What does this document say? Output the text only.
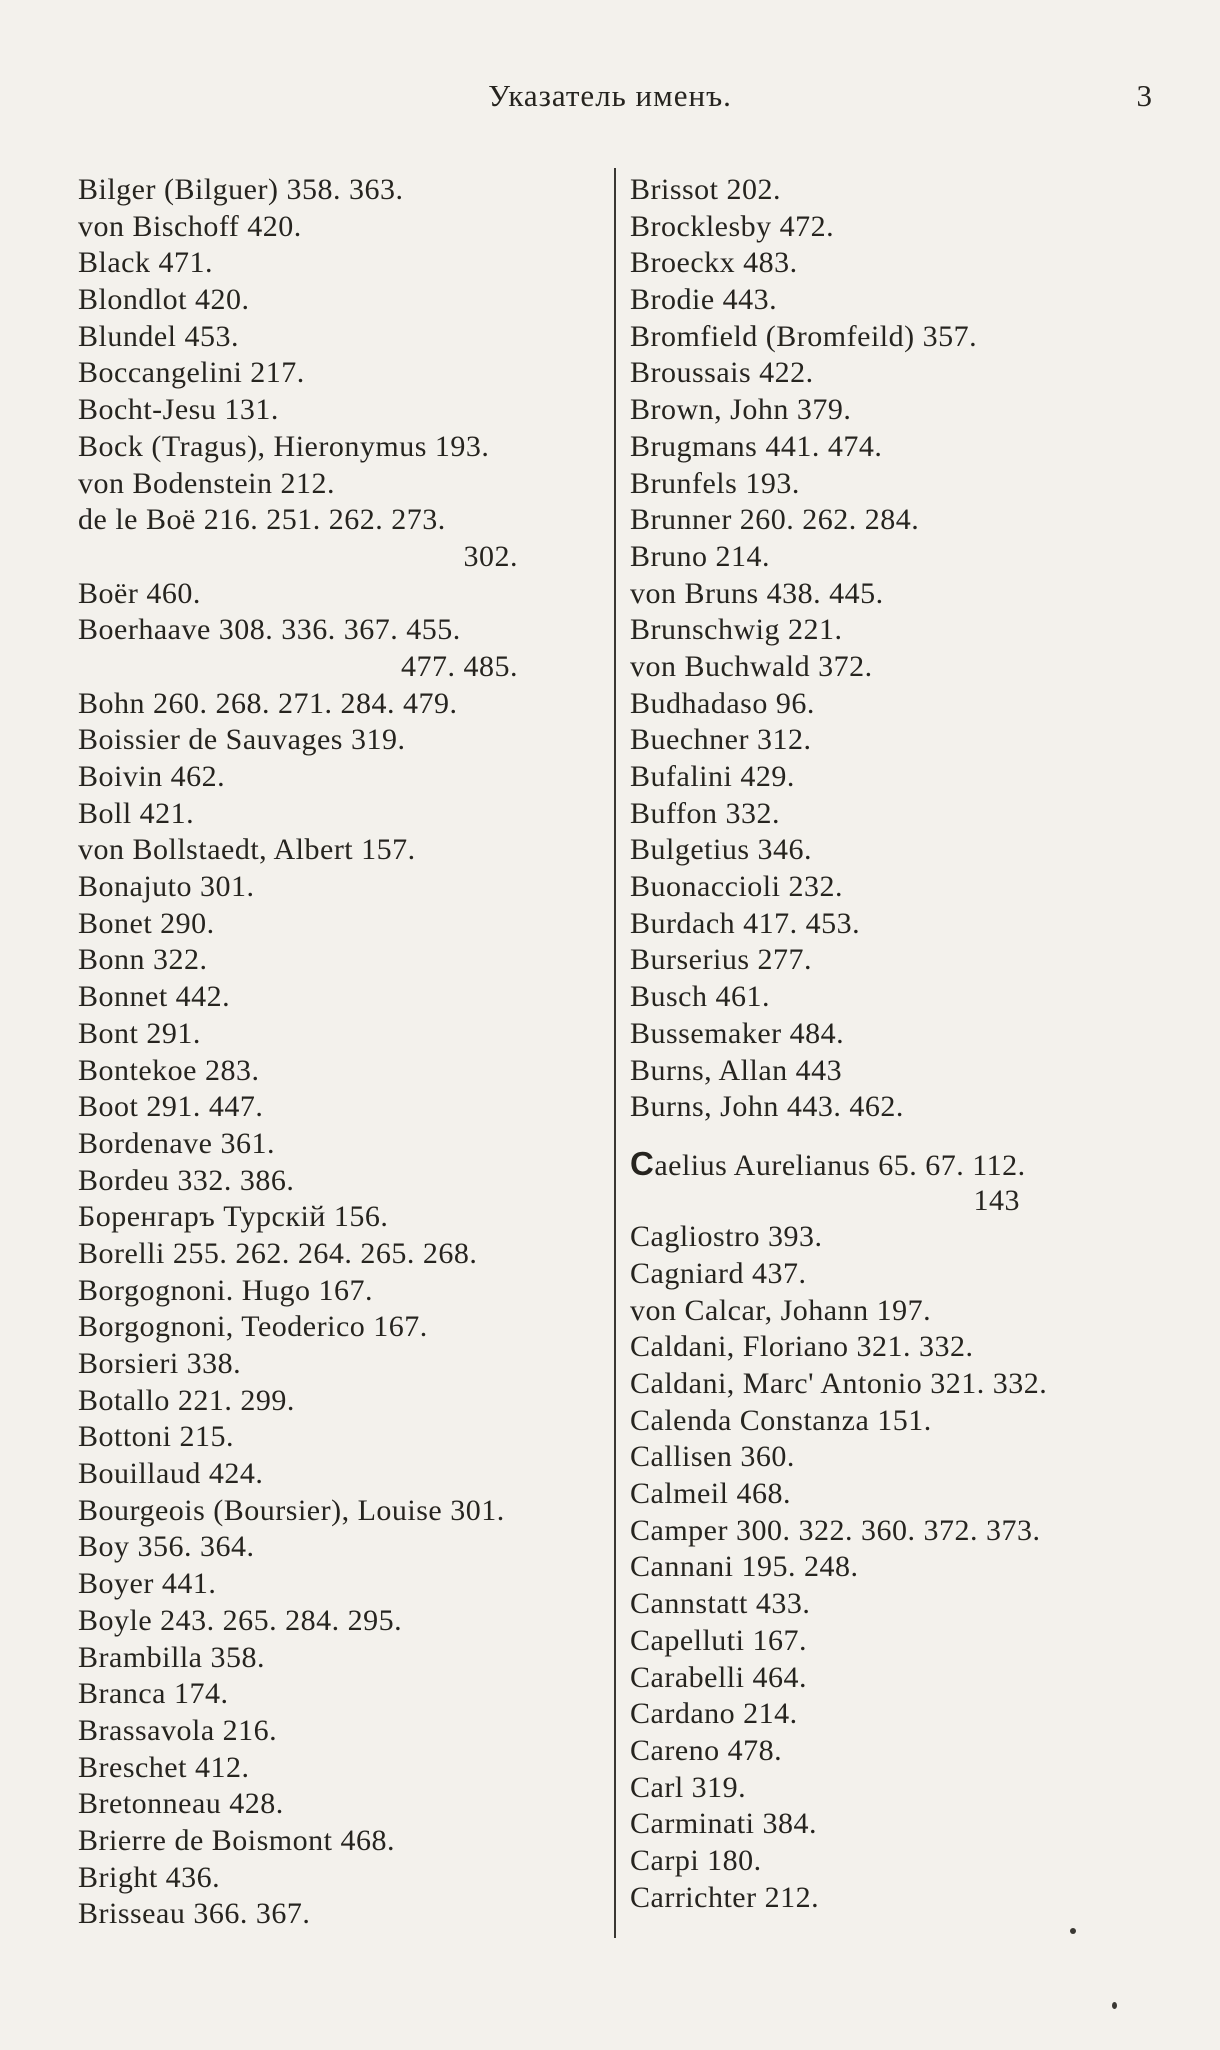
Указатель именъ.	3
Bilger (Bilguer) 358. 363.
von Bischoff 420.
Black 471.
Blondlot 420.
Blundel 453.
Boccangelini 217.
Bocht-Jesu 131.
Bock (Tragus), Hieronymus 193.
von Bodenstein 212.
de le Boë 216. 251. 262. 273.
302.
Boër 460.
Boerhaave 308. 336. 367. 455.
477. 485.
Bohn 260. 268. 271. 284. 479.
Boissier de Sauvages 319.
Boivin 462.
Boll 421.
von Bollstaedt, Albert 157.
Bonajuto 301.
Bonet 290.
Bonn 322.
Bonnet 442.
Bont 291.
Bontekoe 283.
Boot 291. 447.
Bordenave 361.
Bordeu 332. 386.
Боренгаръ Турскiй 156.
Borelli 255. 262. 264. 265. 268.
Borgognoni. Hugo 167.
Borgognoni, Teoderico 167.
Borsieri 338.
Botallo 221. 299.
Bottoni 215.
Bouillaud 424.
Bourgeois (Boursier), Louise 301.
Boy 356. 364.
Boyer 441.
Boyle 243. 265. 284. 295.
Brambilla 358.
Branca 174.
Brassavola 216.
Breschet 412.
Bretonneau 428.
Brierre de Boismont 468.
Bright 436.
Brisseau 366. 367.
Brissot 202.
Brocklesby 472.
Broeckx 483.
Brodie 443.
Bromfield (Bromfeild) 357.
Broussais 422.
Brown, John 379.
Brugmans 441. 474.
Brunfels 193.
Brunner 260. 262. 284.
Bruno 214.
von Bruns 438. 445.
Brunschwig 221.
von Buchwald 372.
Budhadaso 96.
Buechner 312.
Bufalini 429.
Buffon 332.
Bulgetius 346.
Buonaccioli 232.
Burdach 417. 453.
Burserius 277.
Busch 461.
Bussemaker 484.
Burns, Allan 443
Burns, John 443. 462.
Caelius Aurelianus 65. 67. 112.
143
Cagliostro 393.
Cagniard 437.
von Calcar, Johann 197.
Caldani, Floriano 321. 332.
Caldani, Marc' Antonio 321. 332.
Calenda Constanza 151.
Callisen 360.
Calmeil 468.
Camper 300. 322. 360. 372. 373.
Cannani 195. 248.
Cannstatt 433.
Capelluti 167.
Carabelli 464.
Cardano 214.
Careno 478.
Carl 319.
Carminati 384.
Carpi 180.
Carrichter 212.
